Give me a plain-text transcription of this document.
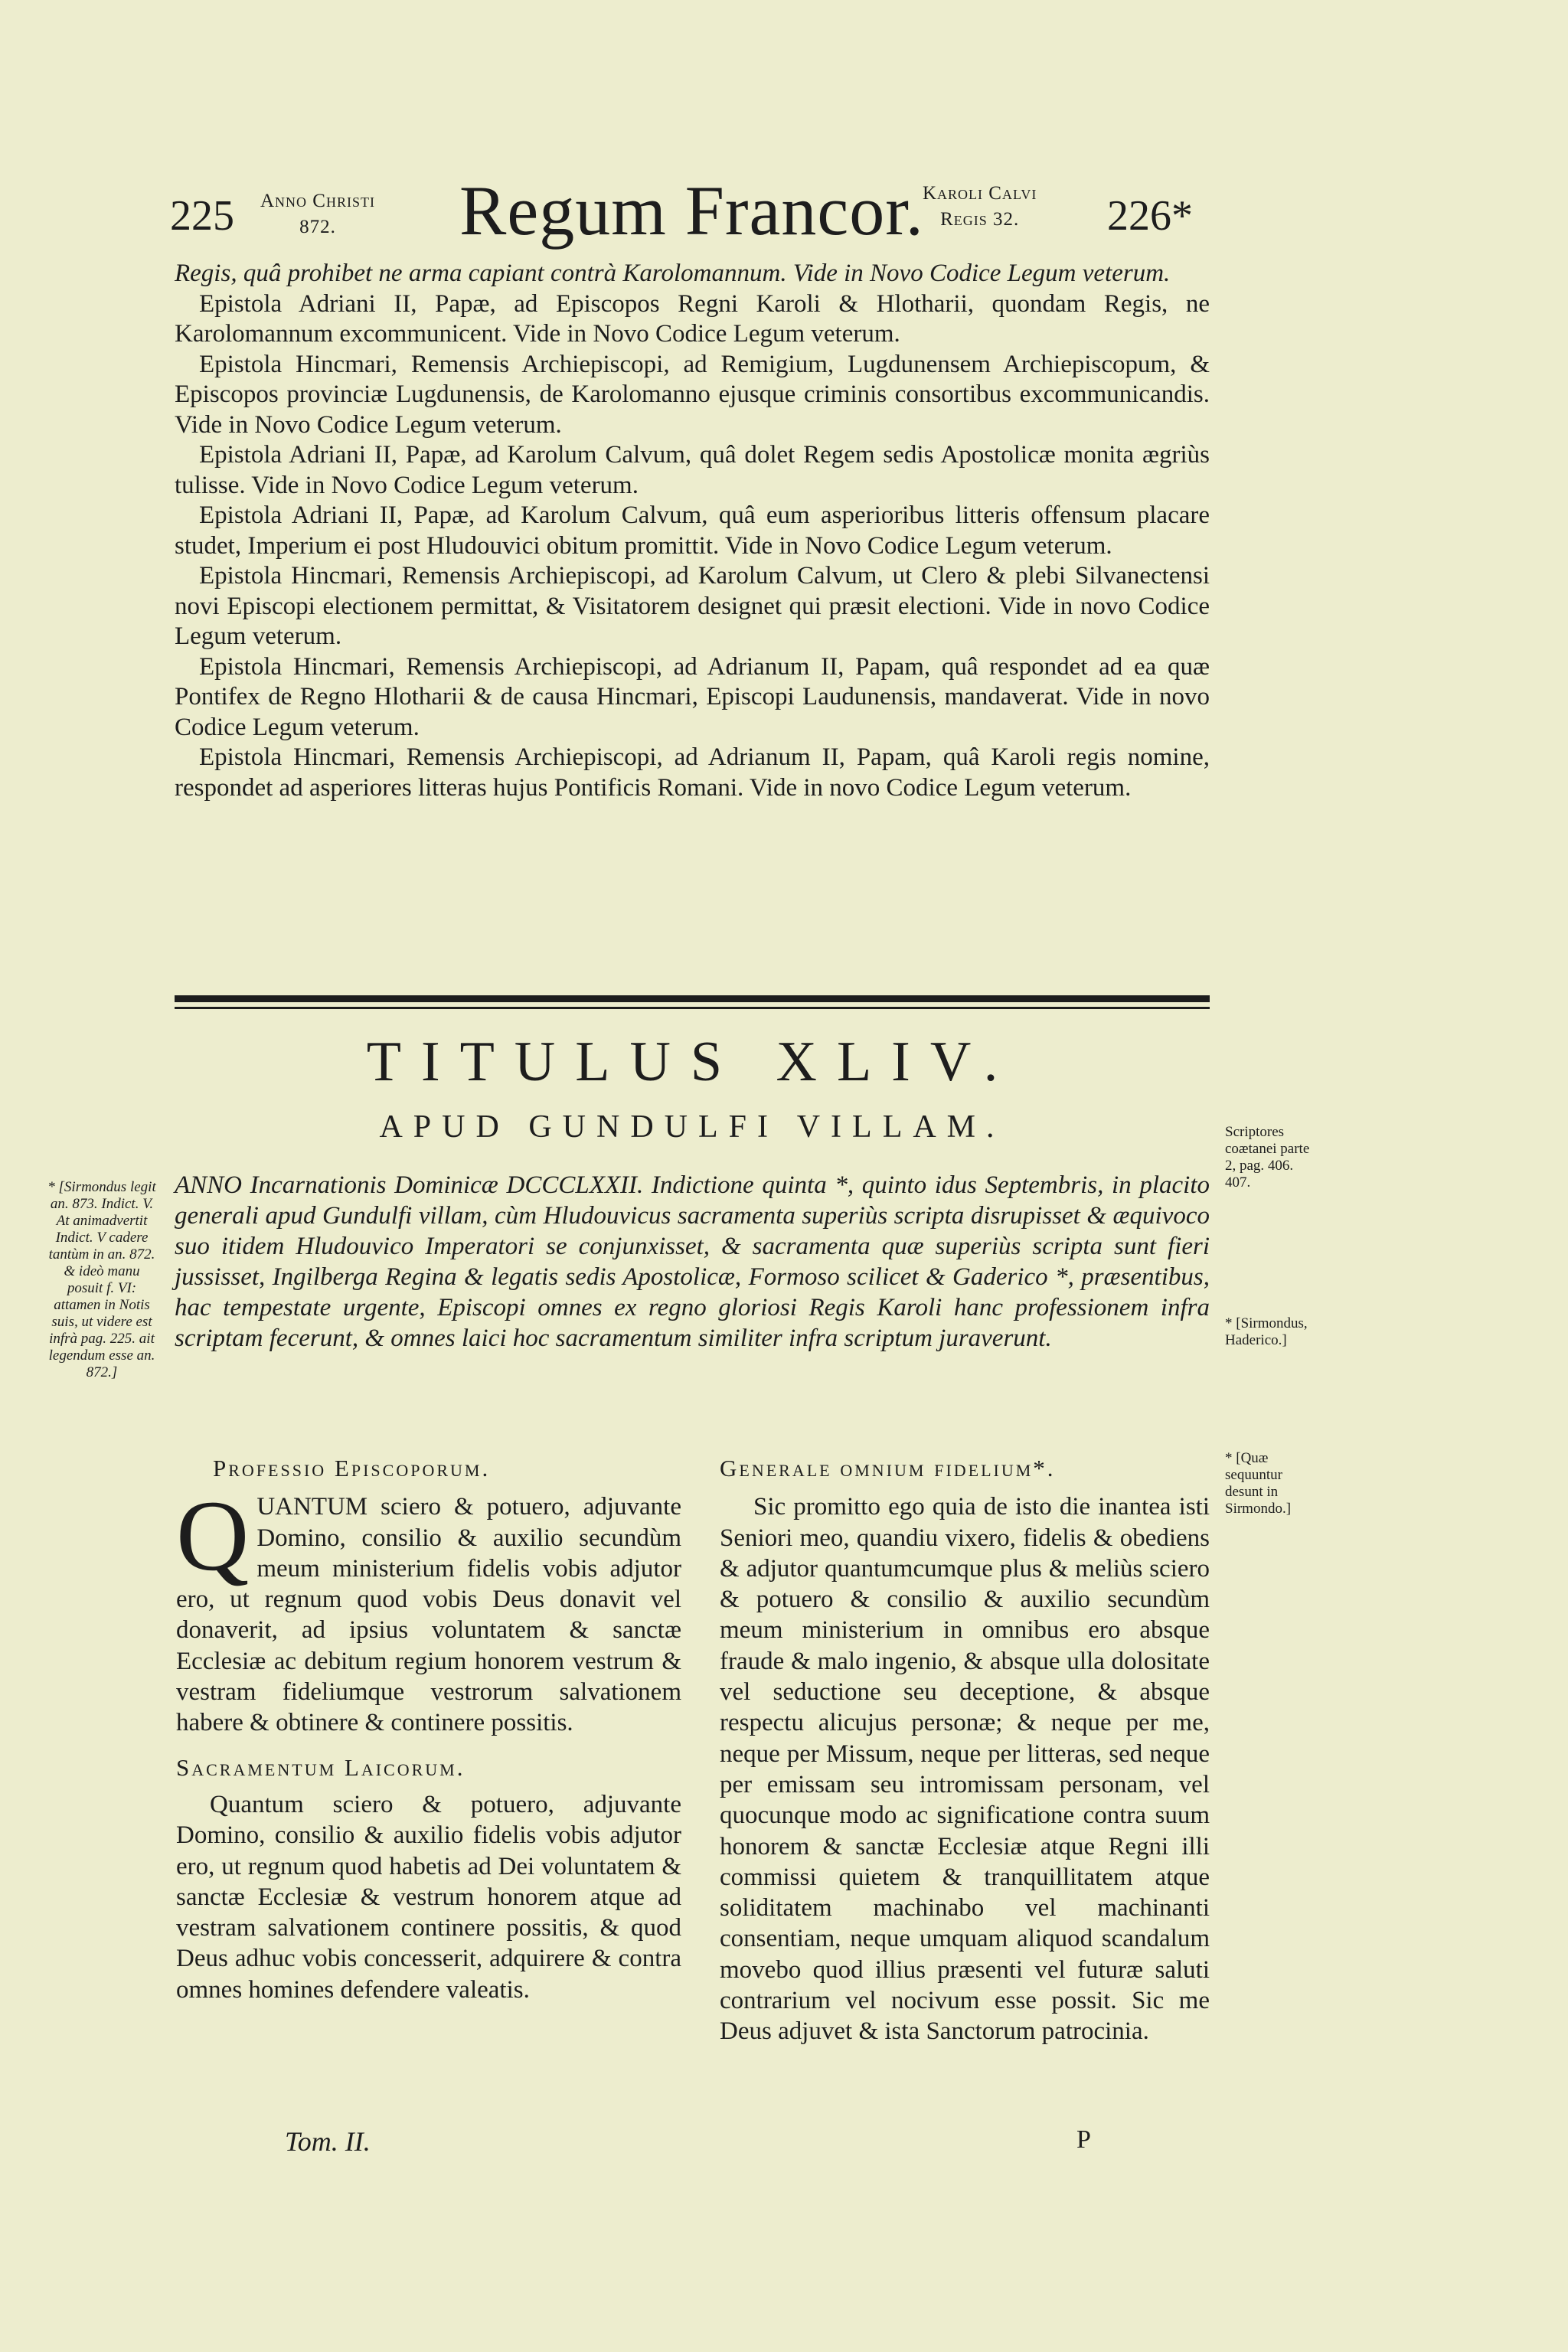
225 Anno Christi
872.	Regum Francor.
Karoli Calvi
Regis 32.	226*

Regis, quâ prohibet ne arma capiant contrà Karolomannum. Vide in Novo Codice Legum veterum.

Epistola Adriani II, Papæ, ad Episcopos Regni Karoli & Hlotharii, quondam Regis, ne Karolomannum excommunicent. Vide in Novo Codice Legum veterum.

Epistola Hincmari, Remensis Archiepiscopi, ad Remigium, Lugdunensem Archiepiscopum, & Episcopos provinciæ Lugdunensis, de Karolomanno ejusque criminis consortibus excommunicandis. Vide in Novo Codice Legum veterum.

Epistola Adriani II, Papæ, ad Karolum Calvum, quâ dolet Regem sedis Apostolicæ monita ægriùs tulisse. Vide in Novo Codice Legum veterum.

Epistola Adriani II, Papæ, ad Karolum Calvum, quâ eum asperioribus litteris offensum placare studet, Imperium ei post Hludouvici obitum promittit. Vide in Novo Codice Legum veterum.

Epistola Hincmari, Remensis Archiepiscopi, ad Karolum Calvum, ut Clero & plebi Silvanectensi novi Episcopi electionem permittat, & Visitatorem designet qui præsit electioni. Vide in novo Codice Legum veterum.

Epistola Hincmari, Remensis Archiepiscopi, ad Adrianum II, Papam, quâ respondet ad ea quæ Pontifex de Regno Hlotharii & de causa Hincmari, Episcopi Laudunensis, mandaverat. Vide in novo Codice Legum veterum.

Epistola Hincmari, Remensis Archiepiscopi, ad Adrianum II, Papam, quâ Karoli regis nomine, respondet ad asperiores litteras hujus Pontificis Romani. Vide in novo Codice Legum veterum.

TITULUS XLIV.
APUD GUNDULFI VILLAM.
ANNO Incarnationis Dominicæ DCCCLXXII. Indictione quinta *, quinto idus Septembris, in placito generali apud Gundulfi villam, cùm Hludouvicus sacramenta superiùs scripta disrupisset & æquivoco suo itidem Hludouvico Imperatori se conjunxisset, & sacramenta quæ superiùs scripta sunt fieri jussisset, Ingilberga Regina & legatis sedis Apostolicæ, Formoso scilicet & Gaderico *, præsentibus, hac tempestate urgente, Episcopi omnes ex regno gloriosi Regis Karoli hanc professionem infra scriptam fecerunt, & omnes laici hoc sacramentum similiter infra scriptum juraverunt.
* [Sirmondus legit an. 873. Indict. V. At animadvertit Indict. V cadere tantùm in an. 872. & ideò manu posuit f. VI: attamen in Notis suis, ut videre est infrà pag. 225. ait legendum esse an. 872.]
Scriptores coætanei parte 2, pag. 406. 407.
* [Sirmondus, Haderico.]
* [Quæ sequuntur desunt in Sirmondo.]
Professio Episcoporum.
QUANTUM sciero & potuero, adjuvante Domino, consilio & auxilio secundùm meum ministerium fidelis vobis adjutor ero, ut regnum quod vobis Deus donavit vel donaverit, ad ipsius voluntatem & sanctæ Ecclesiæ ac debitum regium honorem vestrum & vestram fideliumque vestrorum salvationem habere & obtinere & continere possitis.
Sacramentum Laicorum.

Quantum sciero & potuero, adjuvante Domino, consilio & auxilio fidelis vobis adjutor ero, ut regnum quod habetis ad Dei voluntatem & sanctæ Ecclesiæ & vestrum honorem atque ad vestram salvationem continere possitis, & quod Deus adhuc vobis concesserit, adquirere & contra omnes homines defendere valeatis.

Generale omnium fidelium*.

Sic promitto ego quia de isto die inantea isti Seniori meo, quandiu vixero, fidelis & obediens & adjutor quantumcumque plus & meliùs sciero & potuero & consilio & auxilio secundùm meum ministerium in omnibus ero absque fraude & malo ingenio, & absque ulla dolositate vel seductione seu deceptione, & absque respectu alicujus personæ; & neque per me, neque per Missum, neque per litteras, sed neque per emissam seu intromissam personam, vel quocunque modo ac significatione contra suum honorem & sanctæ Ecclesiæ atque Regni illi commissi quietem & tranquillitatem atque soliditatem machinabo vel machinanti consentiam, neque umquam aliquod scandalum movebo quod illius præsenti vel futuræ saluti contrarium vel nocivum esse possit. Sic me Deus adjuvet & ista Sanctorum patrocinia.

Tom. II.	P
